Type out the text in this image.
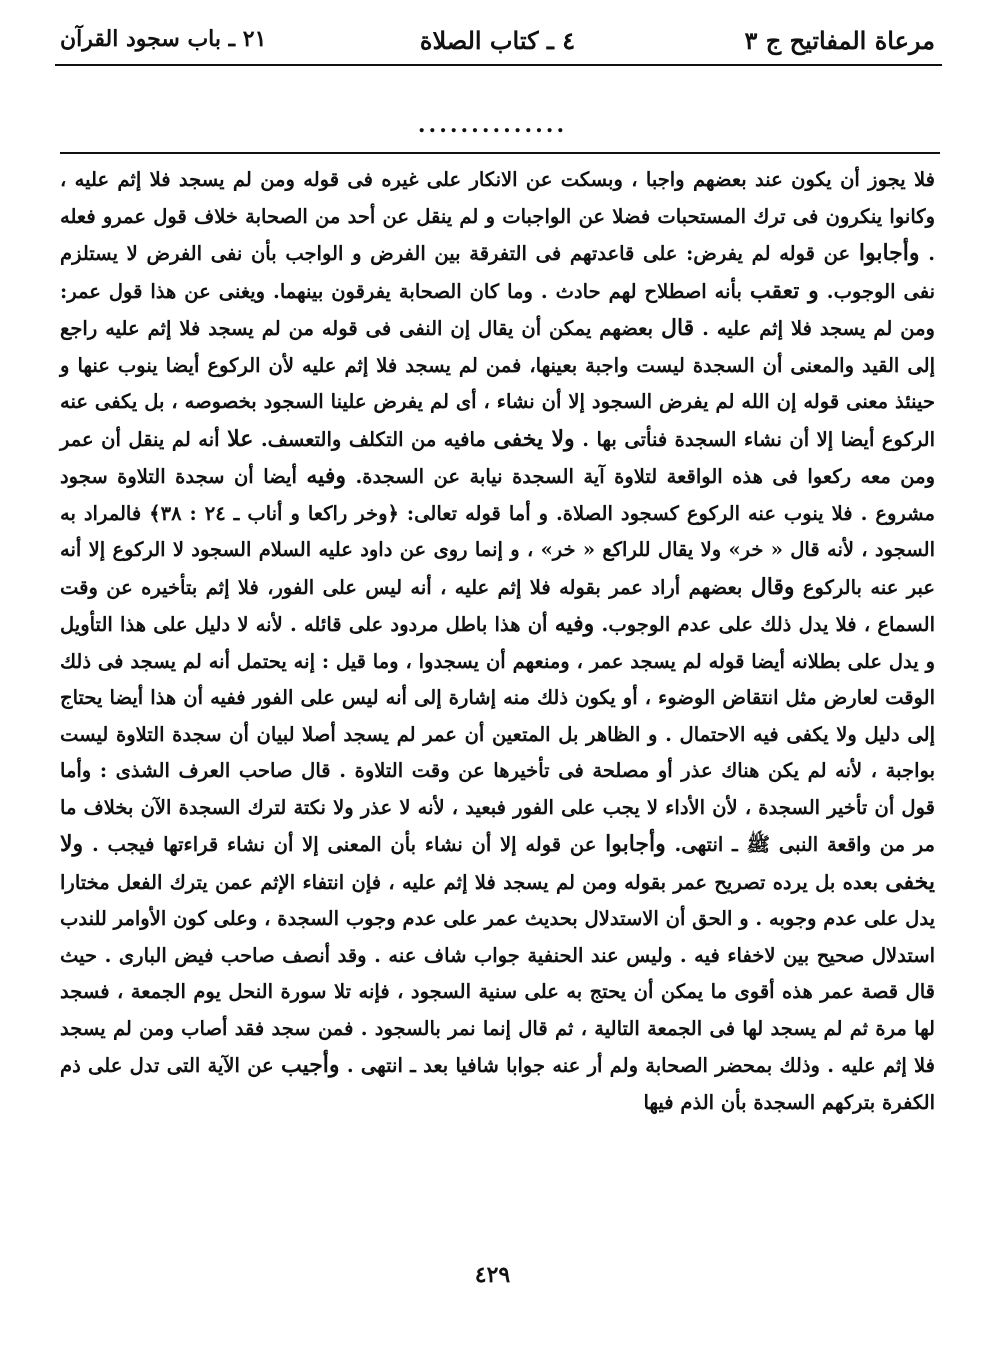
مرعاة المفاتيح ج ٣
٤ ـ كتاب الصلاة
٢١ ـ باب سجود القرآن
..............

فلا يجوز أن يكون عند بعضهم واجبا ، وبسكت عن الانكار على غيره فى قوله ومن لم يسجد فلا إثم عليه ، وكانوا ينكرون فى ترك المستحبات فضلا عن الواجبات و لم ينقل عن أحد من الصحابة خلاف قول عمرو فعله . وأجابوا عن قوله لم يفرض: على قاعدتهم فى التفرقة بين الفرض و الواجب بأن نفى الفرض لا يستلزم نفى الوجوب. و تعقب بأنه اصطلاح لهم حادث . وما كان الصحابة يفرقون بينهما. ويغنى عن هذا قول عمر: ومن لم يسجد فلا إثم عليه . قال بعضهم يمكن أن يقال إن النفى فى قوله من لم يسجد فلا إثم عليه راجع إلى القيد والمعنى أن السجدة ليست واجبة بعينها، فمن لم يسجد فلا إثم عليه لأن الركوع أيضا ينوب عنها و حينئذ معنى قوله إن الله لم يفرض السجود إلا أن نشاء ، أى لم يفرض علينا السجود بخصوصه ، بل يكفى عنه الركوع أيضا إلا أن نشاء السجدة فنأتى بها . ولا يخفى مافيه من التكلف والتعسف. علا أنه لم ينقل أن عمر ومن معه ركعوا فى هذه الواقعة لتلاوة آية السجدة نيابة عن السجدة. وفيه أيضا أن سجدة التلاوة سجود مشروع . فلا ينوب عنه الركوع كسجود الصلاة. و أما قوله تعالى: ﴿وخر راكعا و أناب ـ ٢٤ : ٣٨﴾ فالمراد به السجود ، لأنه قال « خر» ولا يقال للراكع « خر» ، و إنما روى عن داود عليه السلام السجود لا الركوع إلا أنه عبر عنه بالركوع وقال بعضهم أراد عمر بقوله فلا إثم عليه ، أنه ليس على الفور، فلا إثم بتأخيره عن وقت السماع ، فلا يدل ذلك على عدم الوجوب. وفيه أن هذا باطل مردود على قائله . لأنه لا دليل على هذا التأويل و يدل على بطلانه أيضا قوله لم يسجد عمر ، ومنعهم أن يسجدوا ، وما قيل : إنه يحتمل أنه لم يسجد فى ذلك الوقت لعارض مثل انتقاض الوضوء ، أو يكون ذلك منه إشارة إلى أنه ليس على الفور ففيه أن هذا أيضا يحتاج إلى دليل ولا يكفى فيه الاحتمال . و الظاهر بل المتعين أن عمر لم يسجد أصلا لبيان أن سجدة التلاوة ليست بواجبة ، لأنه لم يكن هناك عذر أو مصلحة فى تأخيرها عن وقت التلاوة . قال صاحب العرف الشذى : وأما قول أن تأخير السجدة ، لأن الأداء لا يجب على الفور فبعيد ، لأنه لا عذر ولا نكتة لترك السجدة الآن بخلاف ما مر من واقعة النبى ﷺ ـ انتهى. وأجابوا عن قوله إلا أن نشاء بأن المعنى إلا أن نشاء قراءتها فيجب . ولا يخفى بعده بل يرده تصريح عمر بقوله ومن لم يسجد فلا إثم عليه ، فإن انتفاء الإثم عمن يترك الفعل مختارا يدل على عدم وجوبه . و الحق أن الاستدلال بحديث عمر على عدم وجوب السجدة ، وعلى كون الأوامر للندب استدلال صحيح بين لاخفاء فيه . وليس عند الحنفية جواب شاف عنه . وقد أنصف صاحب فيض البارى . حيث قال قصة عمر هذه أقوى ما يمكن أن يحتج به على سنية السجود ، فإنه تلا سورة النحل يوم الجمعة ، فسجد لها مرة ثم لم يسجد لها فى الجمعة التالية ، ثم قال إنما نمر بالسجود . فمن سجد فقد أصاب ومن لم يسجد فلا إثم عليه . وذلك بمحضر الصحابة ولم أر عنه جوابا شافيا بعد ـ انتهى . وأجيب عن الآية التى تدل على ذم الكفرة بتركهم السجدة بأن الذم فيها

٤٢٩
